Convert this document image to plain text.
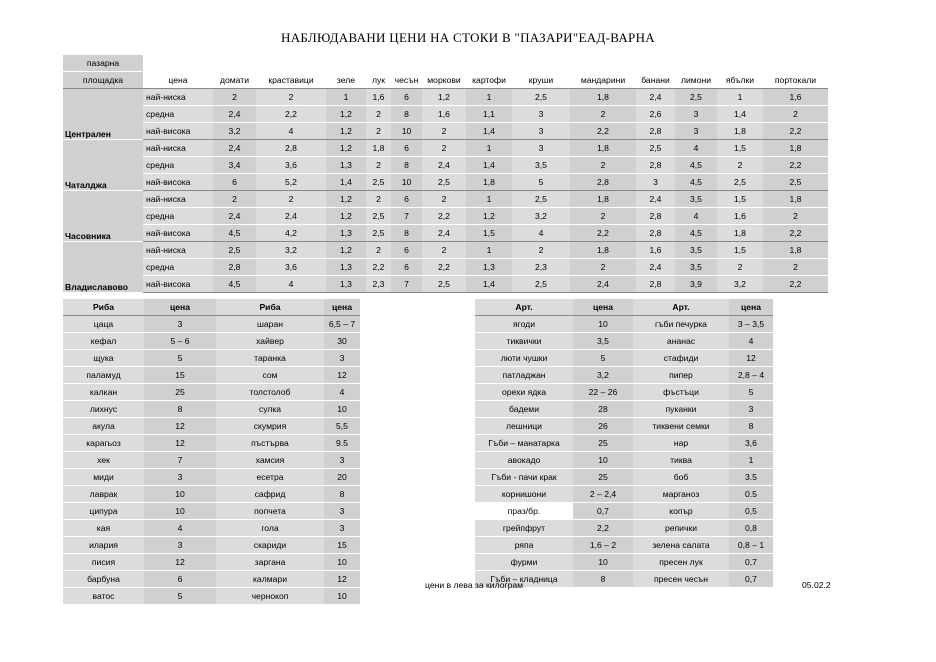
НАБЛЮДАВАНИ ЦЕНИ НА СТОКИ В "ПАЗАРИ"ЕАД-ВАРНА
пазарна														
площадка	цена	домати	краставици	зеле	лук	чесън	моркови	картофи	круши	мандарини	банани	лимони	ябълки	портокали
Централен	най-ниска	2	2	1	1,6	6	1,2	1	2,5	1,8	2,4	2,5	1	1,6
	средна	2,4	2,2	1,2	2	8	1,6	1,1	3	2	2,6	3	1,4	2
	най-висока	3,2	4	1,2	2	10	2	1,4	3	2,2	2,8	3	1,8	2,2
Чаталджа	най-ниска	2,4	2,8	1,2	1,8	6	2	1	3	1,8	2,5	4	1,5	1,8
	средна	3,4	3,6	1,3	2	8	2,4	1,4	3,5	2	2,8	4,5	2	2,2
	най-висока	6	5,2	1,4	2,5	10	2,5	1,8	5	2,8	3	4,5	2,5	2,5
Часовника	най-ниска	2	2	1,2	2	6	2	1	2,5	1,8	2,4	3,5	1,5	1,8
	средна	2,4	2,4	1,2	2,5	7	2,2	1,2	3,2	2	2,8	4	1,6	2
	най-висока	4,5	4,2	1,3	2,5	8	2,4	1,5	4	2,2	2,8	4,5	1,8	2,2
Владиславово	най-ниска	2,5	3,2	1,2	2	6	2	1	2	1,8	1,6	3,5	1,5	1,8
	средна	2,8	3,6	1,3	2,2	6	2,2	1,3	2,3	2	2,4	3,5	2	2
	най-висока	4,5	4	1,3	2,3	7	2,5	1,4	2,5	2,4	2,8	3,9	3,2	2,2
Риба	цена	Риба	цена
цаца	3	шаран	6,5 – 7
кефал	5 – 6	хайвер	30
щука	5	таранка	3
паламуд	15	сом	12
калкан	25	толстолоб	4
лихнус	8	сулка	10
акула	12	скумрия	5,5
карагьоз	12	пъстърва	9.5
хек	7	хамсия	3
миди	3	есетра	20
лаврак	10	сафрид	8
ципура	10	попчета	3
кая	4	гола	3
илария	3	скариди	15
писия	12	заргана	10
барбуна	6	калмари	12
ватос	5	чернокоп	10
Арт.	цена	Арт.	цена
ягоди	10	гъби печурка	3 – 3,5
тиквички	3,5	ананас	4
люти чушки	5	стафиди	12
патладжан	3,2	пипер	2,8 – 4
орехи ядка	22 – 26	фъстъци	5
бадеми	28	пуканки	3
лешници	26	тиквени семки	8
Гъби – манатарка	25	нар	3,6
авокадо	10	тиква	1
Гъби - пачи крак	25	боб	3.5
корнишони	2 – 2,4	марганоз	0.5
праз/бр.	0,7	копър	0,5
грейпфрут	2,2	репички	0,8
ряпа	1,6 – 2	зелена салата	0,8 – 1
фурми	10	пресен лук	0,7
Гъби – кладница	8	пресен чесън	0,7
цени в лева за килограм	05.02.2
